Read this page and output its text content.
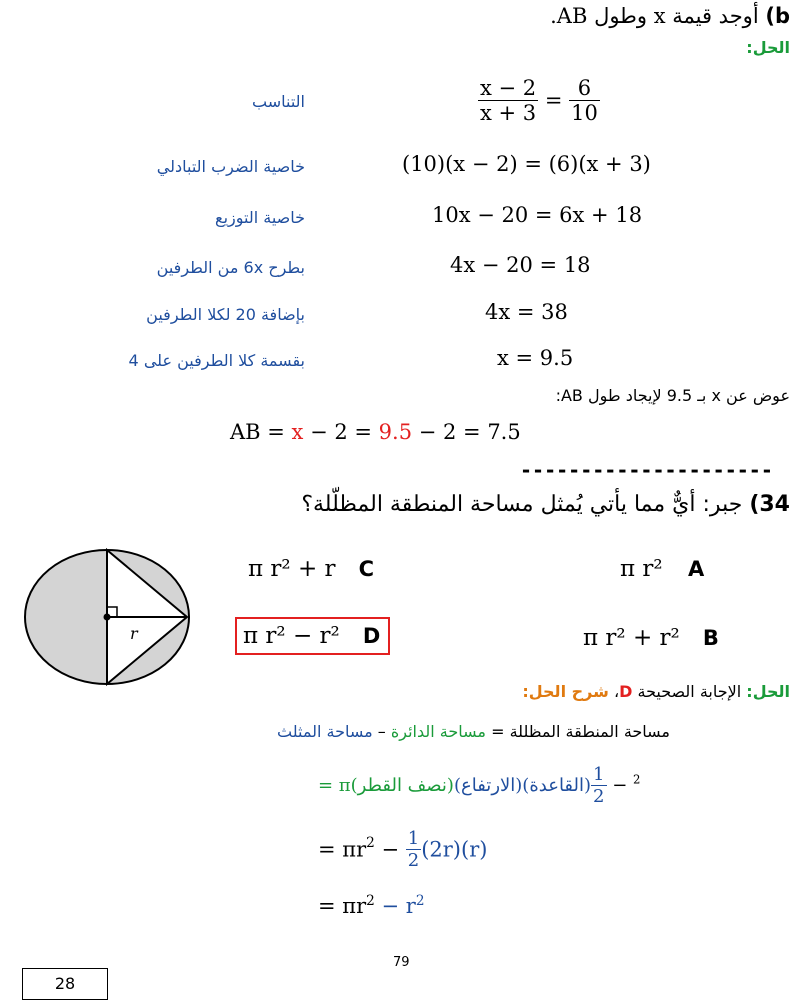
b) أوجد قيمة x وطول AB.
الحل:
التناسب	$\frac{x - 2}{x + 3} = \frac{6}{10}$
خاصية الضرب التبادلي	(10)(x − 2) = (6)(x + 3)
خاصية التوزيع	10x − 20 = 6x + 18
بطرح 6x من الطرفين	4x − 20 = 18
بإضافة 20 لكلا الطرفين	4x = 38
بقسمة كلا الطرفين على 4	x = 9.5
عوض عن x بـ 9.5 لإيجاد طول AB:
AB = x − 2 = 9.5 − 2 = 7.5
---------------------
34) جبر: أيٌّ مما يأتي يُمثل مساحة المنطقة المظلّلة؟
r
π r² A
π r² + r C
π r² + r² B
π r² − r² D
الحل: الإجابة الصحيحة D، شرح الحل:
مساحة المنطقة المظللة = مساحة الدائرة – مساحة المثلث
= π(نصف القطر)	$^2$ −
$\frac{1}{2}$
(القاعدة)(الارتفاع)
= $\pi r^2 - \frac{1}{2} (2r)(r)$
= $\pi r^2 - r^2$
79
28
